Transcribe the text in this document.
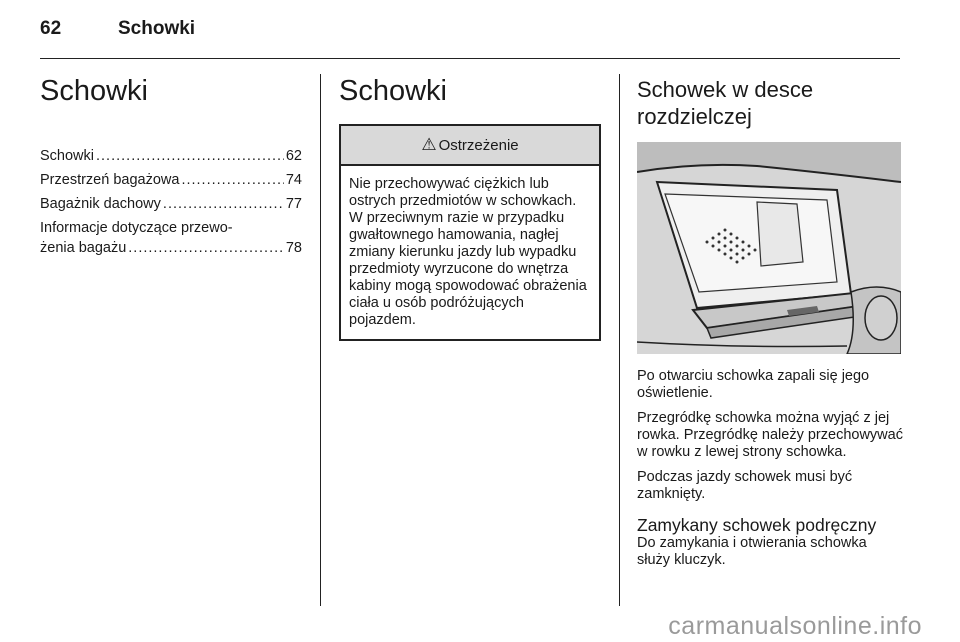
62	Schowki
Schowki
Schowki .....	62
Przestrzeń bagażowa .....	74
Bagażnik dachowy .....	77
Informacje dotyczące przewo-
żenia bagażu .....	78
Schowki
⚠ Ostrzeżenie
Nie przechowywać ciężkich lub ostrych przedmiotów w schowkach. W przeciwnym razie w przypadku gwałtownego hamowania, nagłej zmiany kierunku jazdy lub wypadku przedmioty wyrzucone do wnętrza kabiny mogą spowodować obrażenia ciała u osób podróżujących pojazdem.
Schowek w desce rozdzielczej

Po otwarciu schowka zapali się jego oświetlenie.

Przegródkę schowka można wyjąć z jej rowka. Przegródkę należy przechowywać w rowku z lewej strony schowka.

Podczas jazdy schowek musi być zamknięty.

Zamykany schowek podręczny

Do zamykania i otwierania schowka służy kluczyk.

carmanualsonline.info
